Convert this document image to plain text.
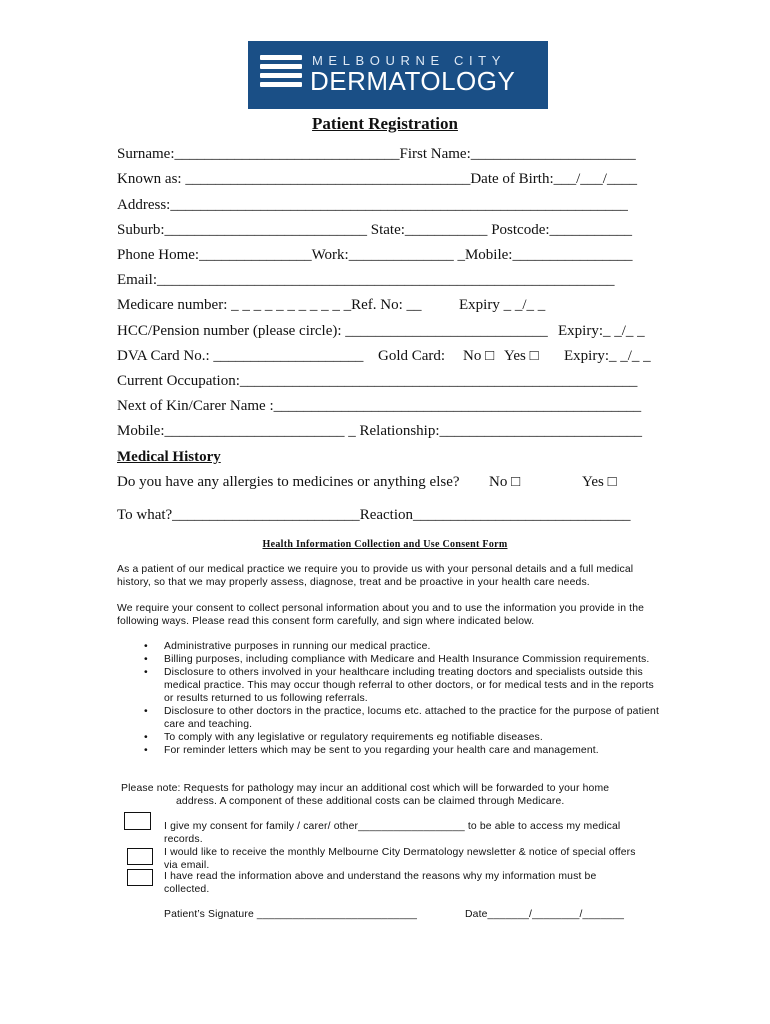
MELBOURNE CITY
DERMATOLOGY
Patient Registration
Surname:______________________________First Name:______________________
Known as: ______________________________________Date of Birth:___/___/____
Address:_____________________________________________________________
Suburb:___________________________ State:___________ Postcode:___________
Phone Home:_______________Work:______________ _Mobile:________________
Email:_____________________________________________________________
Medicare number: _ _ _ _ _ _ _ _ _ _ _Ref. No: __ Expiry _ _/_ _
HCC/Pension number (please circle): ___________________________ Expiry:_ _/_ _
DVA Card No.: ____________________ Gold Card: No □ Yes □ Expiry:_ _/_ _
Current Occupation:_____________________________________________________
Next of Kin/Carer Name :_________________________________________________
Mobile:________________________ _ Relationship:___________________________
Medical History
Do you have any allergies to medicines or anything else? No □	Yes □
To what?_________________________Reaction_____________________________
Health Information Collection and Use Consent Form
As a patient of our medical practice we require you to provide us with your personal details and a full medical history, so that we may properly assess, diagnose, treat and be proactive in your health care needs.
We require your consent to collect personal information about you and to use the information you provide in the following ways. Please read this consent form carefully, and sign where indicated below.
• Administrative purposes in running our medical practice.
• Billing purposes, including compliance with Medicare and Health Insurance Commission requirements.
• Disclosure to others involved in your healthcare including treating doctors and specialists outside this medical practice. This may occur though referral to other doctors, or for medical tests and in the reports or results returned to us following referrals.
• Disclosure to other doctors in the practice, locums etc. attached to the practice for the purpose of patient care and teaching.
• To comply with any legislative or regulatory requirements eg notifiable diseases.
• For reminder letters which may be sent to you regarding your health care and management.
Please note: Requests for pathology may incur an additional cost which will be forwarded to your home
address. A component of these additional costs can be claimed through Medicare.
I give my consent for family / carer/ other__________________ to be able to access my medical records.
I would like to receive the monthly Melbourne City Dermatology newsletter & notice of special offers via email.
I have read the information above and understand the reasons why my information must be collected.
Patient’s Signature ___________________________	Date_______/________/_______
